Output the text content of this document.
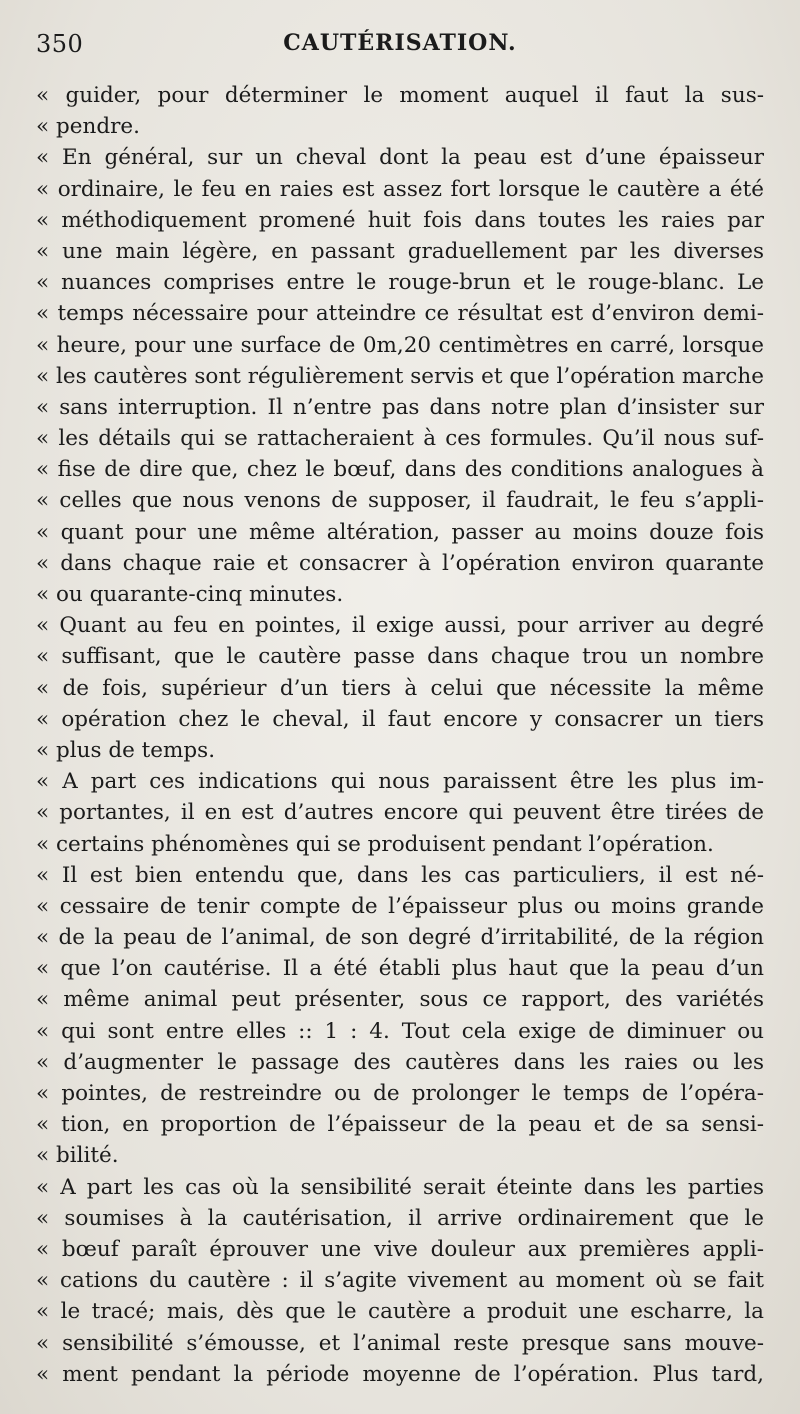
350	CAUTÉRISATION.
« guider, pour déterminer le moment auquel il faut la sus-
« pendre.
« En général, sur un cheval dont la peau est d’une épaisseur
« ordinaire, le feu en raies est assez fort lorsque le cautère a été
« méthodiquement promené huit fois dans toutes les raies par
« une main légère, en passant graduellement par les diverses
« nuances comprises entre le rouge-brun et le rouge-blanc. Le
« temps nécessaire pour atteindre ce résultat est d’environ demi-
« heure, pour une surface de 0m,20 centimètres en carré, lorsque
« les cautères sont régulièrement servis et que l’opération marche
« sans interruption. Il n’entre pas dans notre plan d’insister sur
« les détails qui se rattacheraient à ces formules. Qu’il nous suf-
« fise de dire que, chez le bœuf, dans des conditions analogues à
« celles que nous venons de supposer, il faudrait, le feu s’appli-
« quant pour une même altération, passer au moins douze fois
« dans chaque raie et consacrer à l’opération environ quarante
« ou quarante-cinq minutes.
« Quant au feu en pointes, il exige aussi, pour arriver au degré
« suffisant, que le cautère passe dans chaque trou un nombre
« de fois, supérieur d’un tiers à celui que nécessite la même
« opération chez le cheval, il faut encore y consacrer un tiers
« plus de temps.
« A part ces indications qui nous paraissent être les plus im-
« portantes, il en est d’autres encore qui peuvent être tirées de
« certains phénomènes qui se produisent pendant l’opération.
« Il est bien entendu que, dans les cas particuliers, il est né-
« cessaire de tenir compte de l’épaisseur plus ou moins grande
« de la peau de l’animal, de son degré d’irritabilité, de la région
« que l’on cautérise. Il a été établi plus haut que la peau d’un
« même animal peut présenter, sous ce rapport, des variétés
« qui sont entre elles :: 1 : 4. Tout cela exige de diminuer ou
« d’augmenter le passage des cautères dans les raies ou les
« pointes, de restreindre ou de prolonger le temps de l’opéra-
« tion, en proportion de l’épaisseur de la peau et de sa sensi-
« bilité.
« A part les cas où la sensibilité serait éteinte dans les parties
« soumises à la cautérisation, il arrive ordinairement que le
« bœuf paraît éprouver une vive douleur aux premières appli-
« cations du cautère : il s’agite vivement au moment où se fait
« le tracé; mais, dès que le cautère a produit une escharre, la
« sensibilité s’émousse, et l’animal reste presque sans mouve-
« ment pendant la période moyenne de l’opération. Plus tard,
